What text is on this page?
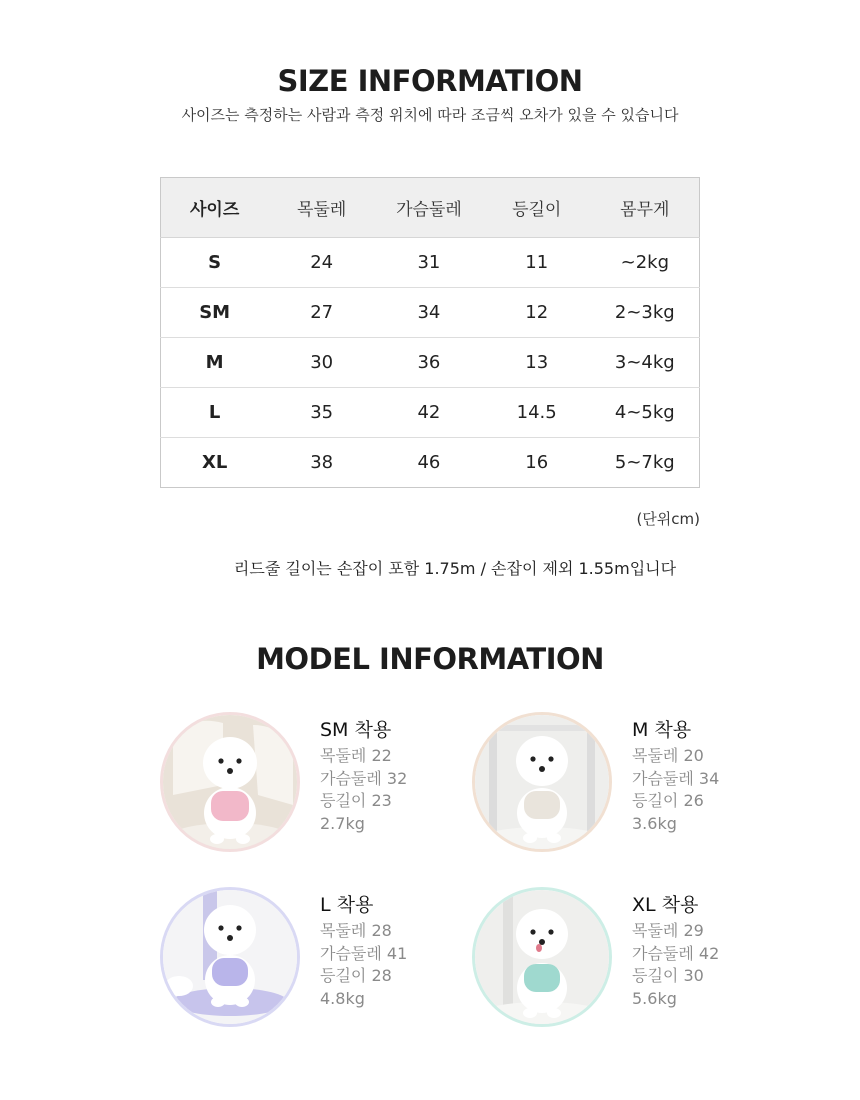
SIZE INFORMATION

사이즈는 측정하는 사람과 측정 위치에 따라 조금씩 오차가 있을 수 있습니다

사이즈	목둘레	가슴둘레	등길이	몸무게
S	24	31	11	~2kg
SM	27	34	12	2~3kg
M	30	36	13	3~4kg
L	35	42	14.5	4~5kg
XL	38	46	16	5~7kg

(단위cm)

리드줄 길이는 손잡이 포함 1.75m / 손잡이 제외 1.55m입니다

MODEL INFORMATION

SM 착용

목둘레 22

가슴둘레 32

등길이 23

2.7kg

M 착용

목둘레 20

가슴둘레 34

등길이 26

3.6kg

L 착용

목둘레 28

가슴둘레 41

등길이 28

4.8kg

XL 착용

목둘레 29

가슴둘레 42

등길이 30

5.6kg
